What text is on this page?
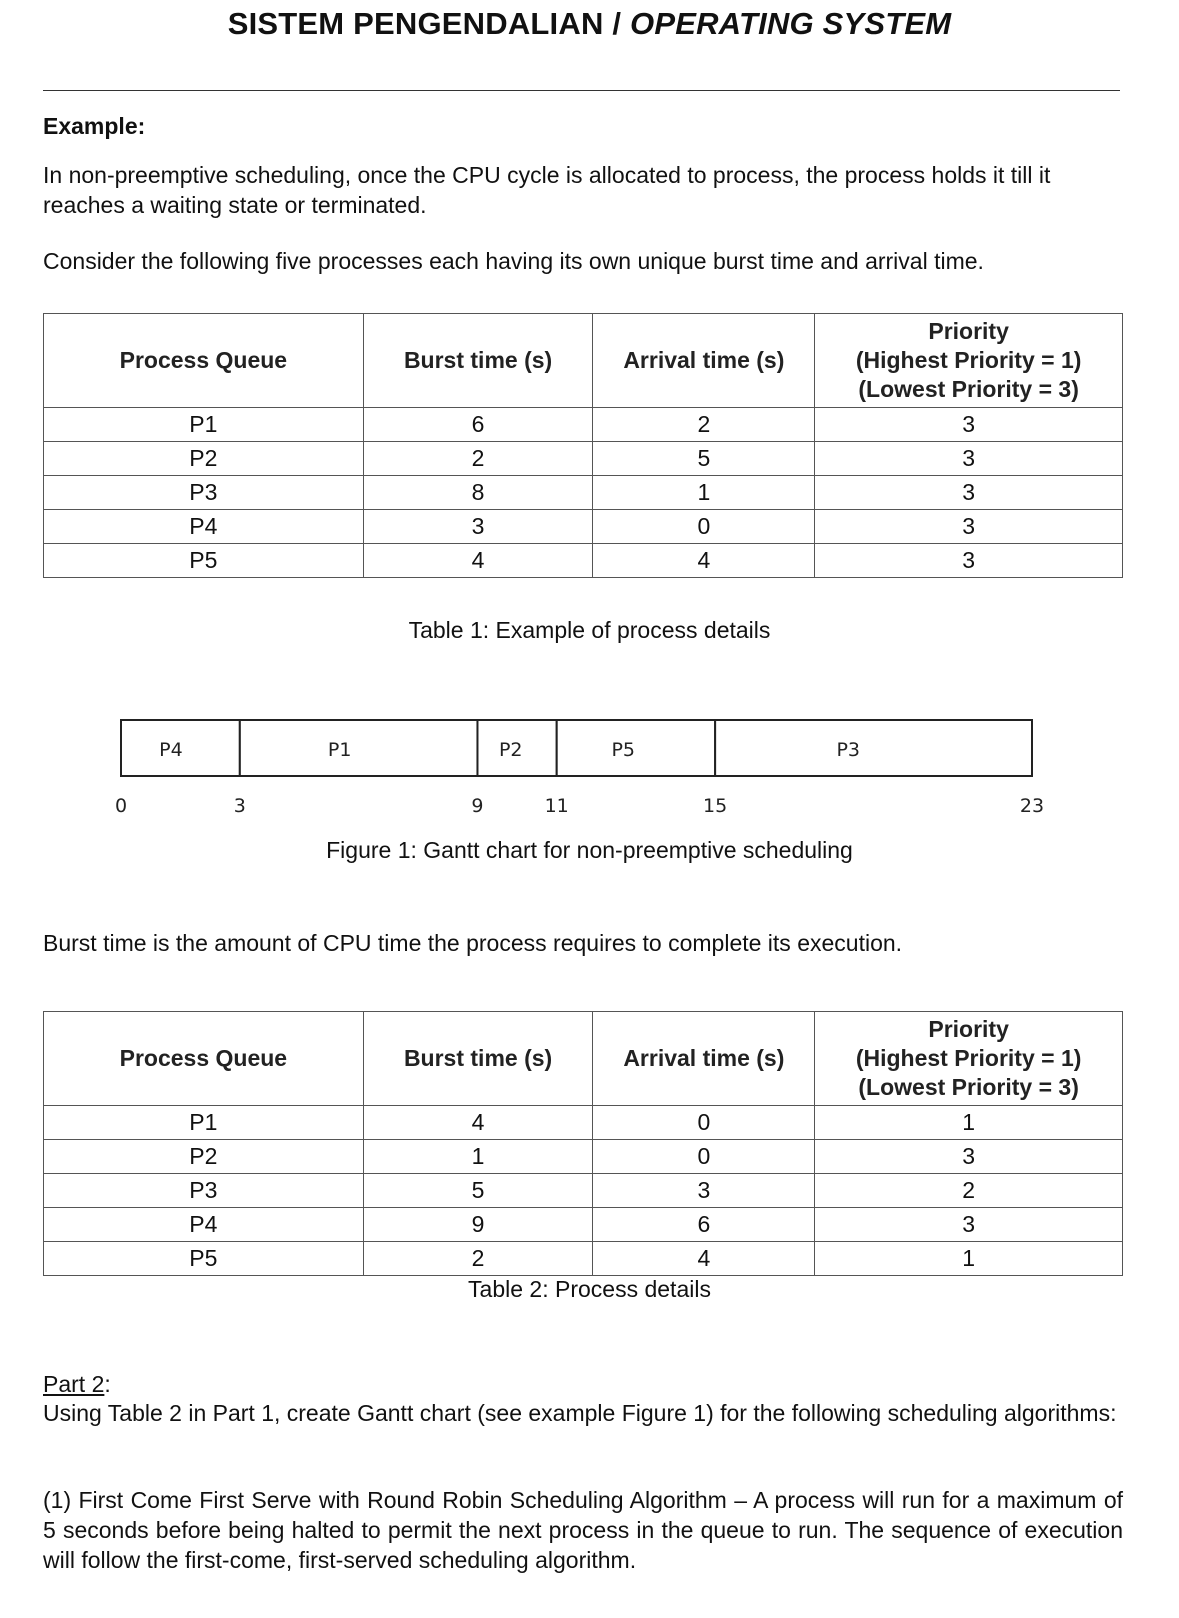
SISTEM PENGENDALIAN / OPERATING SYSTEM
Example:
In non-preemptive scheduling, once the CPU cycle is allocated to process, the process holds it till it reaches a waiting state or terminated.
Consider the following five processes each having its own unique burst time and arrival time.
Process Queue	Burst time (s)	Arrival time (s)	Priority
(Highest Priority = 1)
(Lowest Priority = 3)
P1	6	2	3
P2	2	5	3
P3	8	1	3
P4	3	0	3
P5	4	4	3
Table 1: Example of process details
P4	P1	P2	P5	P3
0	3	9	11	15	23
Figure 1: Gantt chart for non-preemptive scheduling
Burst time is the amount of CPU time the process requires to complete its execution.
Process Queue	Burst time (s)	Arrival time (s)	Priority
(Highest Priority = 1)
(Lowest Priority = 3)
P1	4	0	1
P2	1	0	3
P3	5	3	2
P4	9	6	3
P5	2	4	1
Table 2: Process details
Part 2:
Using Table 2 in Part 1, create Gantt chart (see example Figure 1) for the following scheduling algorithms:
(1) First Come First Serve with Round Robin Scheduling Algorithm – A process will run for a maximum of 5 seconds before being halted to permit the next process in the queue to run. The sequence of execution will follow the first-come, first-served scheduling algorithm.
